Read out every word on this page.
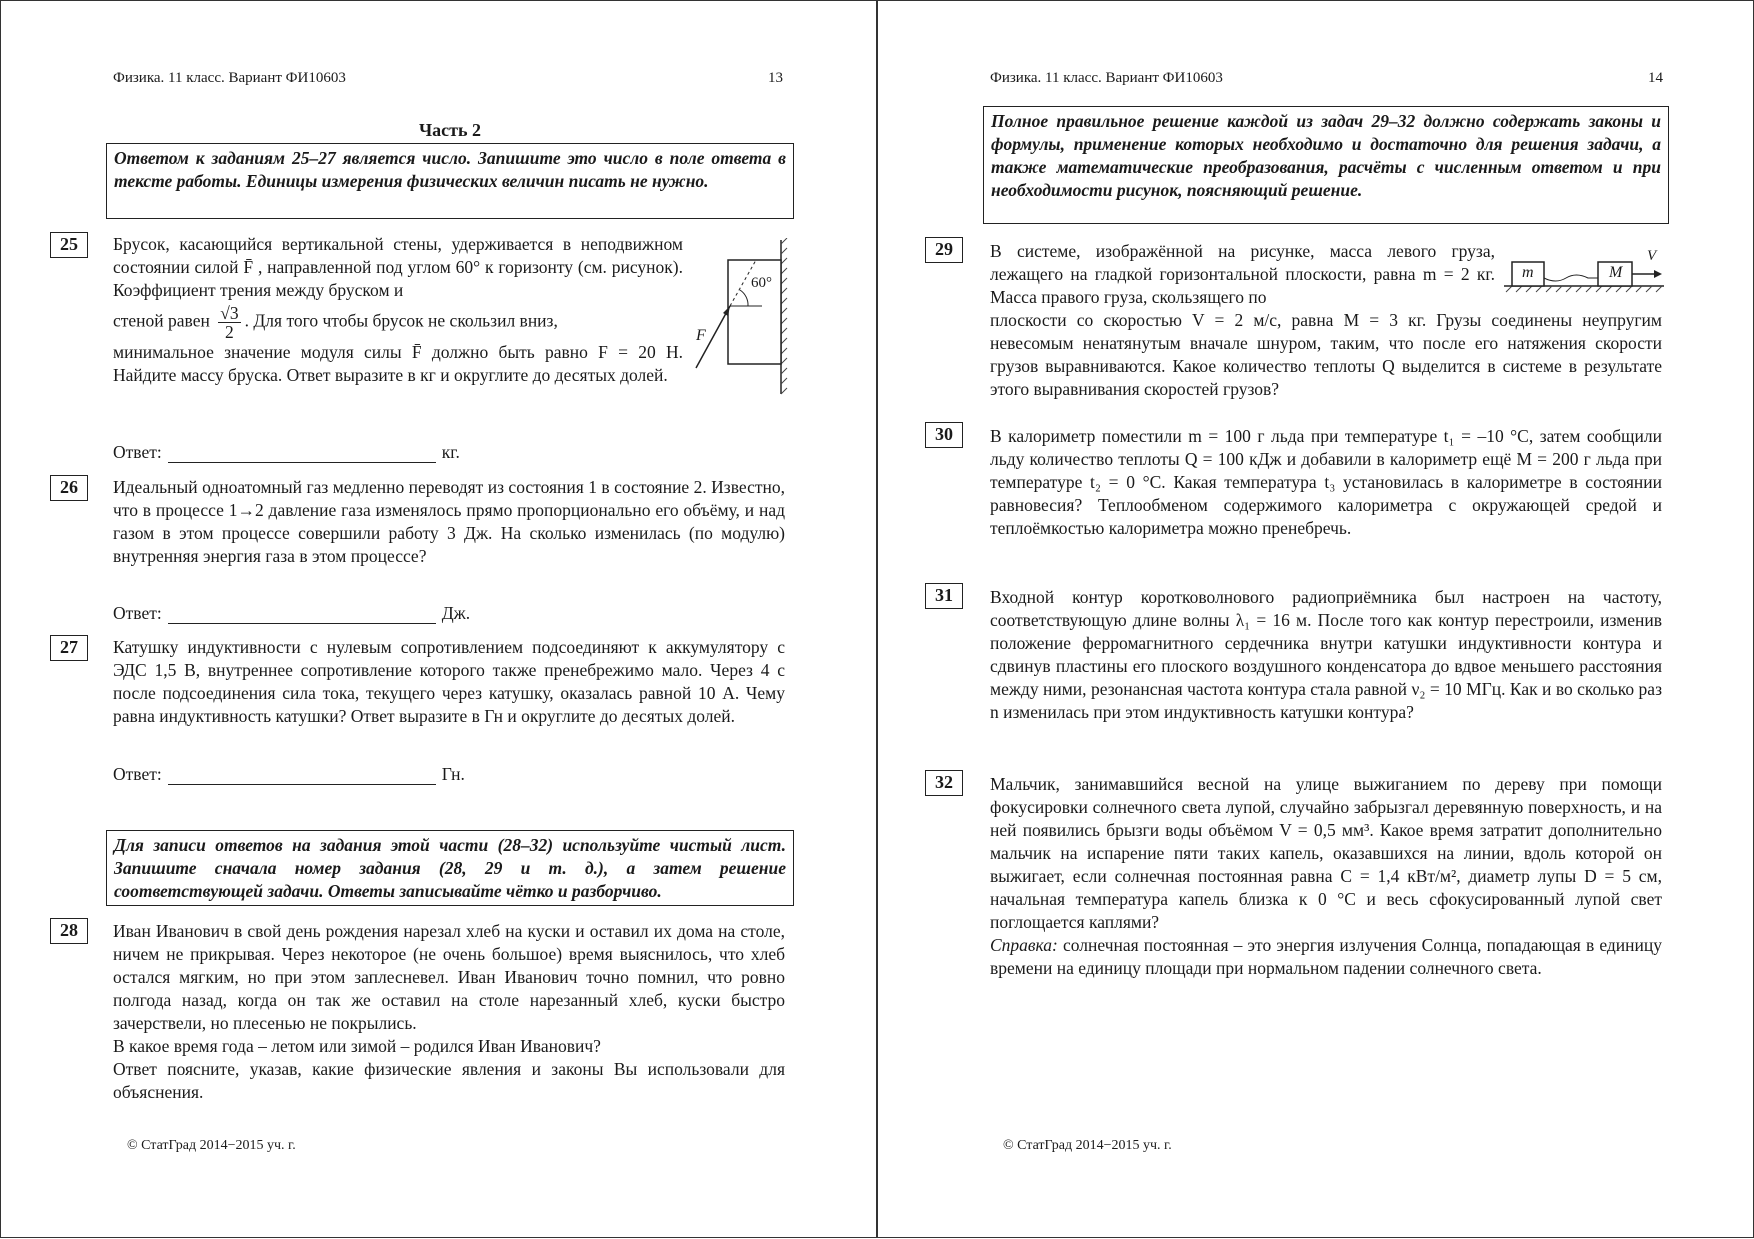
Физика. 11 класс. Вариант ФИ10603	13
Часть 2
Ответом к заданиям 25–27 является число. Запишите это число в поле ответа в тексте работы. Единицы измерения физических величин писать не нужно.
25	Брусок, касающийся вертикальной стены, удерживается в неподвижном состоянии силой F̄ , направленной под углом 60° к горизонту (см. рисунок). Коэффициент трения между бруском и

стеной равен $\frac{√3}{2}$ . Для того чтобы брусок не скользил вниз,

минимальное значение модуля силы F̄ должно быть равно F = 20 Н. Найдите массу бруска. Ответ выразите в кг и округлите до десятых долей.

60°
F
Ответ:	кг.
26	Идеальный одноатомный газ медленно переводят из состояния 1 в состояние 2. Известно, что в процессе 1→2 давление газа изменялось прямо пропорционально его объёму, и над газом в этом процессе совершили работу 3 Дж. На сколько изменилась (по модулю) внутренняя энергия газа в этом процессе?
Ответ:	Дж.
27	Катушку индуктивности с нулевым сопротивлением подсоединяют к аккумулятору с ЭДС 1,5 В, внутреннее сопротивление которого также пренебрежимо мало. Через 4 с после подсоединения сила тока, текущего через катушку, оказалась равной 10 А. Чему равна индуктивность катушки? Ответ выразите в Гн и округлите до десятых долей.
Ответ:	Гн.
Для записи ответов на задания этой части (28–32) используйте чистый лист. Запишите сначала номер задания (28, 29 и т. д.), а затем решение соответствующей задачи. Ответы записывайте чётко и разборчиво.
28	Иван Иванович в свой день рождения нарезал хлеб на куски и оставил их дома на столе, ничем не прикрывая. Через некоторое (не очень большое) время выяснилось, что хлеб остался мягким, но при этом заплесневел. Иван Иванович точно помнил, что ровно полгода назад, когда он так же оставил на столе нарезанный хлеб, куски быстро зачерствели, но плесенью не покрылись.

В какое время года – летом или зимой – родился Иван Иванович?

Ответ поясните, указав, какие физические явления и законы Вы использовали для объяснения.

© СтатГрад 2014−2015 уч. г.
Физика. 11 класс. Вариант ФИ10603	14
Полное правильное решение каждой из задач 29–32 должно содержать законы и формулы, применение которых необходимо и достаточно для решения задачи, а также математические преобразования, расчёты с численным ответом и при необходимости рисунок, поясняющий решение.
29	В системе, изображённой на рисунке, масса левого груза, лежащего на гладкой горизонтальной плоскости, равна m = 2 кг. Масса правого груза, скользящего по
плоскости со скоростью V = 2 м/с, равна M = 3 кг. Грузы соединены неупругим невесомым ненатянутым вначале шнуром, таким, что после его натяжения скорости грузов выравниваются. Какое количество теплоты Q выделится в системе в результате этого выравнивания скоростей грузов?
m	M
V
30	В калориметр поместили m = 100 г льда при температуре t₁ = –10 °С, затем сообщили льду количество теплоты Q = 100 кДж и добавили в калориметр ещё M = 200 г льда при температуре t₂ = 0 °С. Какая температура t₃ установилась в калориметре в состоянии равновесия? Теплообменом содержимого калориметра с окружающей средой и теплоёмкостью калориметра можно пренебречь.
31	Входной контур коротковолнового радиоприёмника был настроен на частоту, соответствующую длине волны λ₁ = 16 м. После того как контур перестроили, изменив положение ферромагнитного сердечника внутри катушки индуктивности контура и сдвинув пластины его плоского воздушного конденсатора до вдвое меньшего расстояния между ними, резонансная частота контура стала равной ν₂ = 10 МГц. Как и во сколько раз n изменилась при этом индуктивность катушки контура?
32	Мальчик, занимавшийся весной на улице выжиганием по дереву при помощи фокусировки солнечного света лупой, случайно забрызгал деревянную поверхность, и на ней появились брызги воды объёмом V = 0,5 мм³. Какое время затратит дополнительно мальчик на испарение пяти таких капель, оказавшихся на линии, вдоль которой он выжигает, если солнечная постоянная равна C = 1,4 кВт/м², диаметр лупы D = 5 см, начальная температура капель близка к 0 °С и весь сфокусированный лупой свет поглощается каплями?

Справка: солнечная постоянная – это энергия излучения Солнца, попадающая в единицу времени на единицу площади при нормальном падении солнечного света.

© СтатГрад 2014−2015 уч. г.
